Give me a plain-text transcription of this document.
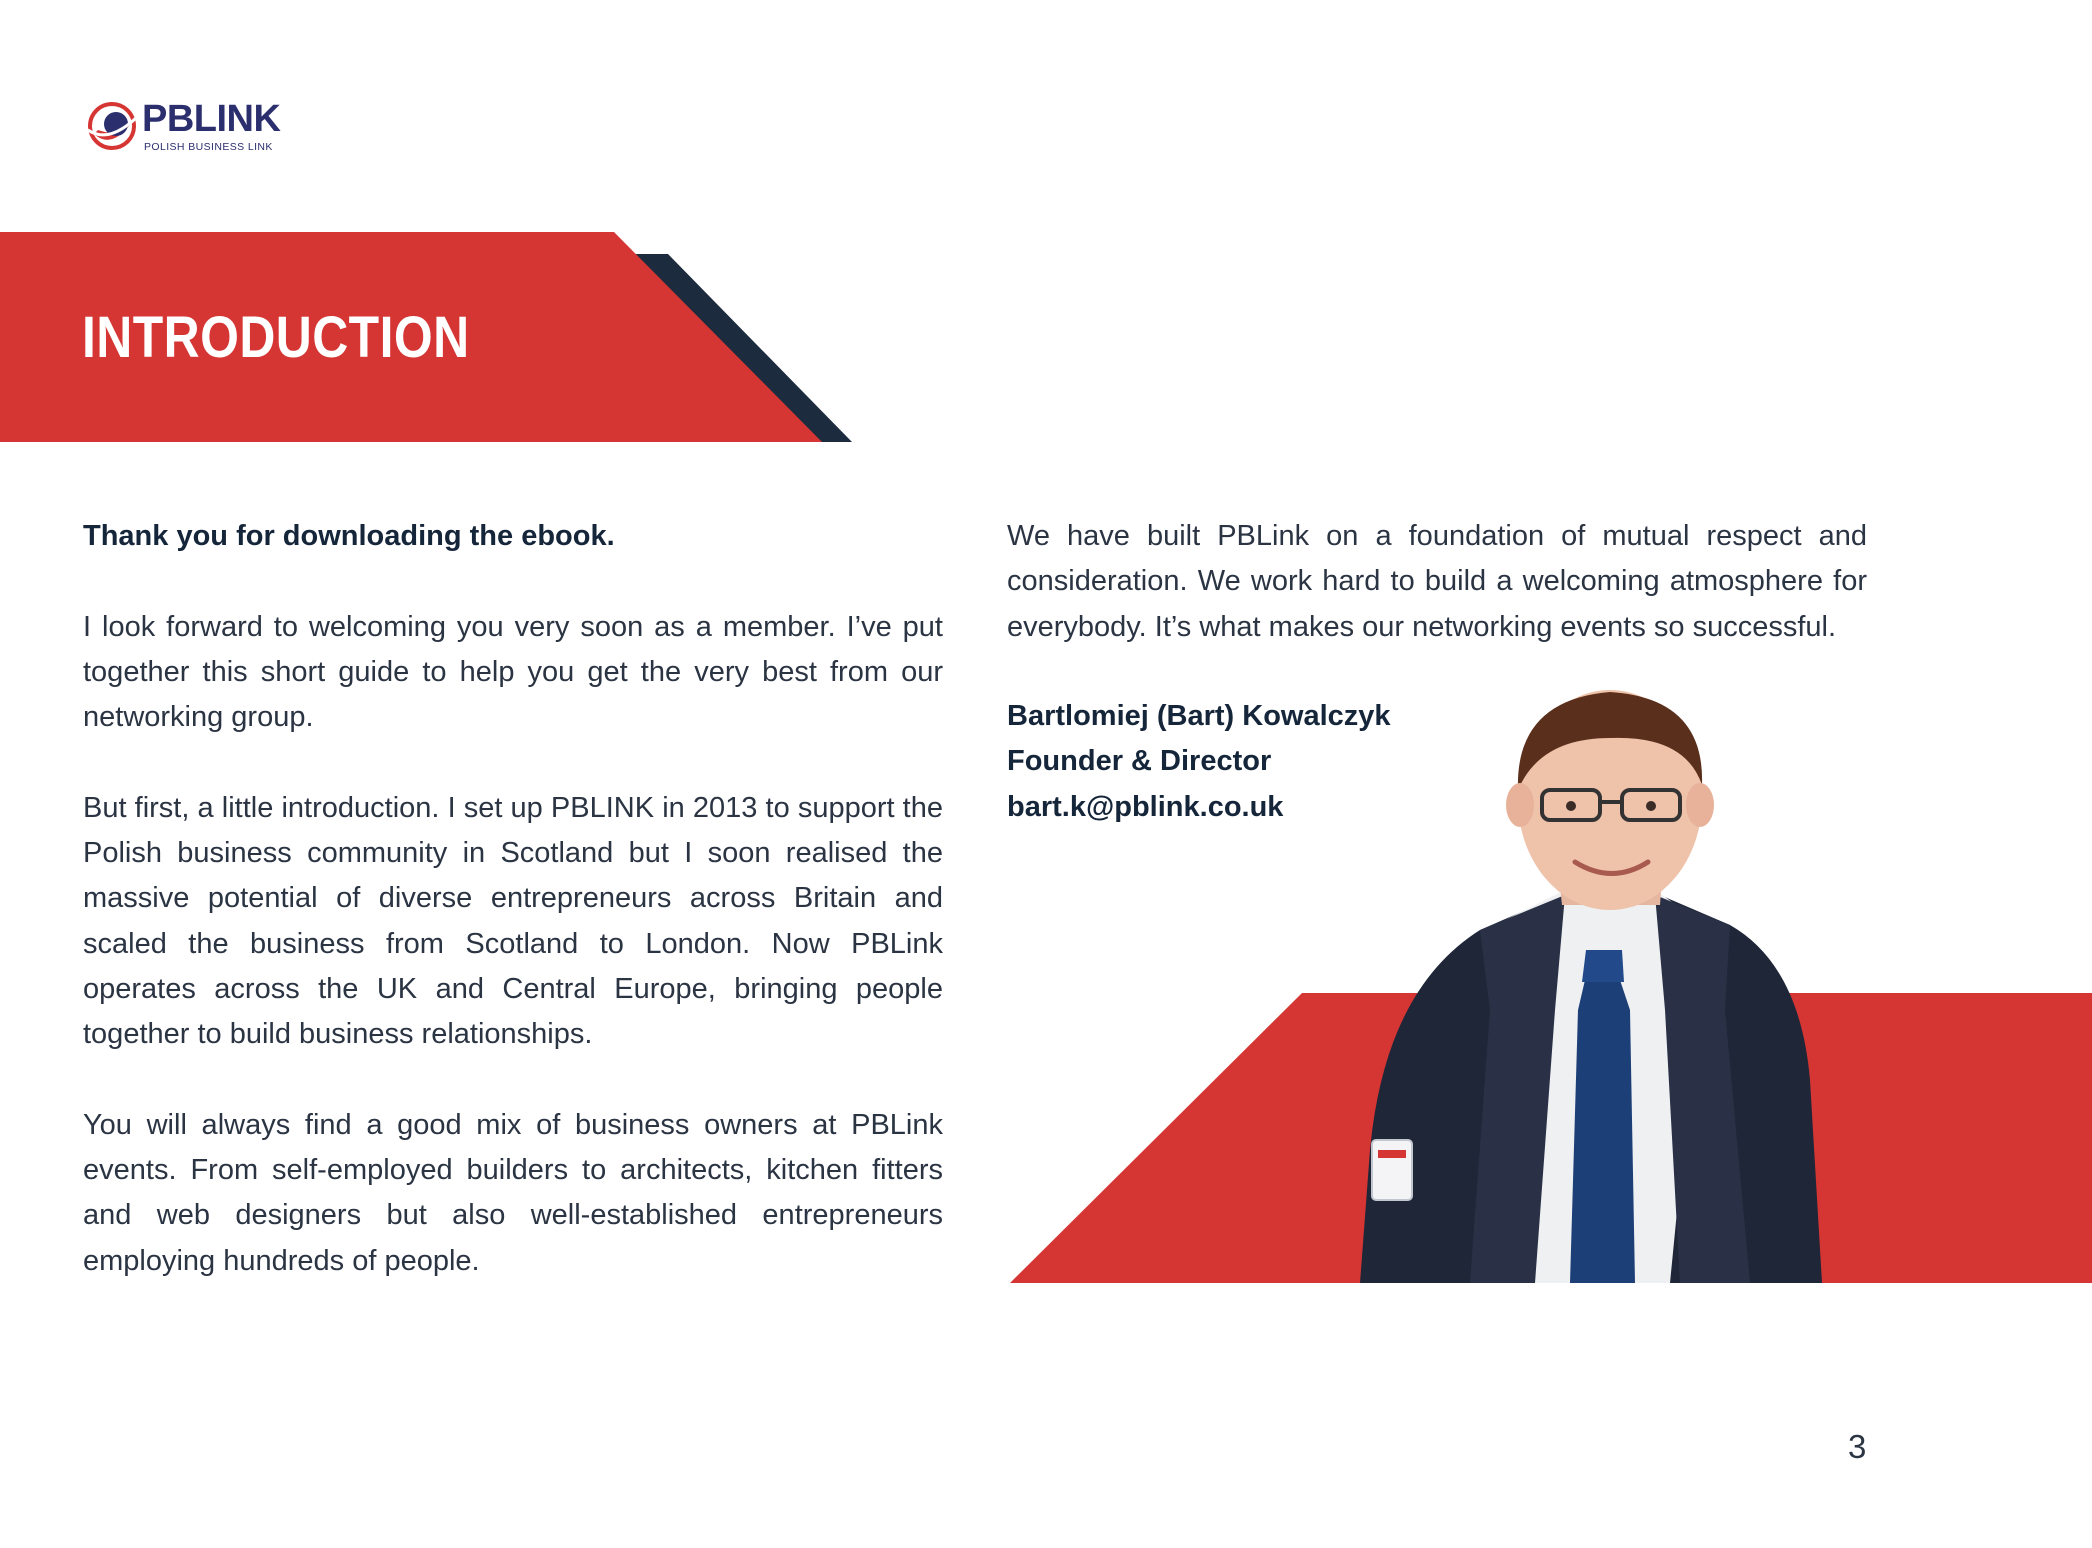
PBLINK
POLISH BUSINESS LINK
INTRODUCTION

Thank you for downloading the ebook.

I look forward to welcoming you very soon as a member. I’ve put together this short guide to help you get the very best from our networking group.

But first, a little introduction. I set up PBLINK in 2013 to support the Polish business community in Scotland but I soon realised the massive potential of diverse entrepreneurs across Britain and scaled the business from Scotland to London. Now PBLink operates across the UK and Central Europe, bringing people together to build business relationships.

You will always find a good mix of business owners at PBLink events. From self-employed builders to architects, kitchen fitters and web designers but also well-established entrepreneurs employing hundreds of people.

We have built PBLink on a foundation of mutual respect and consideration. We work hard to build a welcoming atmosphere for everybody. It’s what makes our networking events so successful.

Bartlomiej (Bart) Kowalczyk
Founder & Director
bart.k@pblink.co.uk
3
